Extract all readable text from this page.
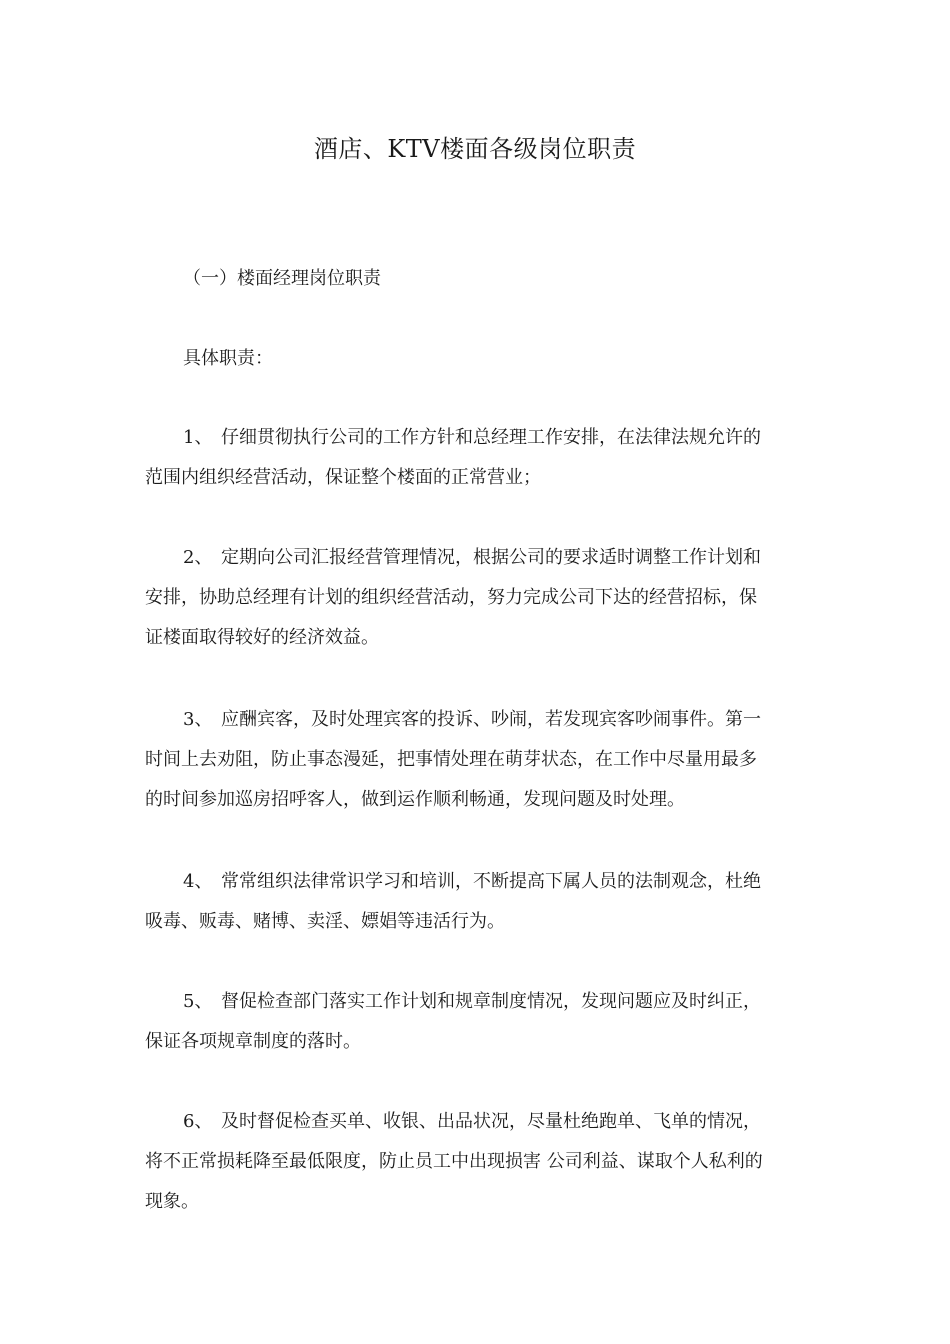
酒店、KTV楼面各级岗位职责
（一）楼面经理岗位职责
具体职责：
1、 仔细贯彻执行公司的工作方针和总经理工作安排，在法律法规允许的
范围内组织经营活动，保证整个楼面的正常营业；
2、 定期向公司汇报经营管理情况，根据公司的要求适时调整工作计划和
安排，协助总经理有计划的组织经营活动，努力完成公司下达的经营招标，保
证楼面取得较好的经济效益。
3、 应酬宾客，及时处理宾客的投诉、吵闹，若发现宾客吵闹事件。第一
时间上去劝阻，防止事态漫延，把事情处理在萌芽状态，在工作中尽量用最多
的时间参加巡房招呼客人，做到运作顺利畅通，发现问题及时处理。
4、 常常组织法律常识学习和培训，不断提高下属人员的法制观念，杜绝
吸毒、贩毒、赌博、卖淫、嫖娼等违活行为。
5、 督促检查部门落实工作计划和规章制度情况，发现问题应及时纠正，
保证各项规章制度的落时。
6、 及时督促检查买单、收银、出品状况，尽量杜绝跑单、飞单的情况，
将不正常损耗降至最低限度，防止员工中出现损害 公司利益、谋取个人私利的
现象。
